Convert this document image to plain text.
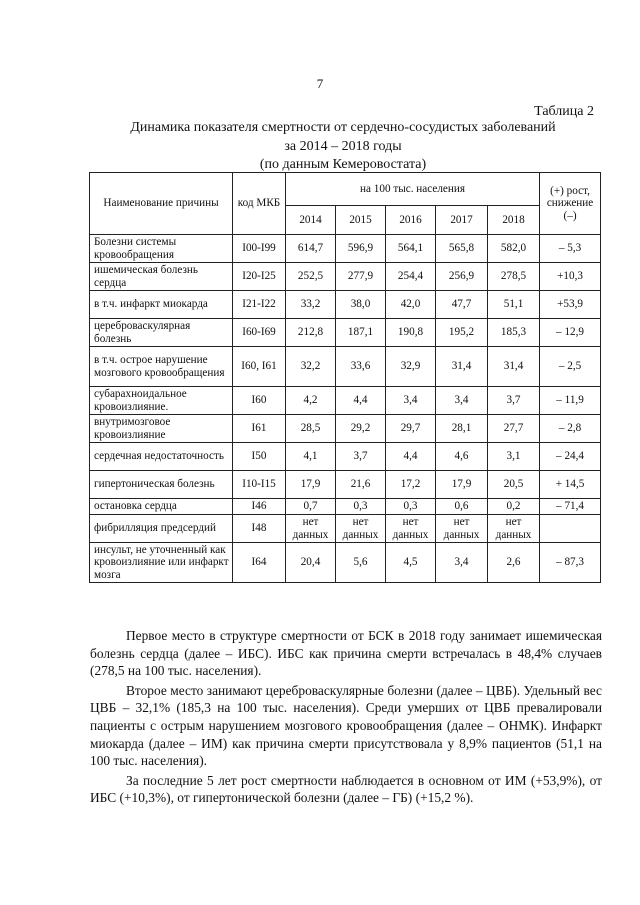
7
Таблица 2
Динамика показателя смертности от сердечно-сосудистых заболеваний
за 2014 – 2018 годы
(по данным Кемеровостата)
Наименование причины	код МКБ	на 100 тыс. населения					(+) рост, снижение (–)
		2014	2015	2016	2017	2018	
Болезни системы кровообращения	I00-I99	614,7	596,9	564,1	565,8	582,0	– 5,3
ишемическая болезнь сердца	I20-I25	252,5	277,9	254,4	256,9	278,5	+10,3
в т.ч. инфаркт миокарда	I21-I22	33,2	38,0	42,0	47,7	51,1	+53,9
цереброваскулярная болезнь	I60-I69	212,8	187,1	190,8	195,2	185,3	– 12,9
в т.ч. острое нарушение мозгового кровообращения	I60, I61	32,2	33,6	32,9	31,4	31,4	– 2,5
субарахноидальное кровоизлияние.	I60	4,2	4,4	3,4	3,4	3,7	– 11,9
внутримозговое кровоизлияние	I61	28,5	29,2	29,7	28,1	27,7	– 2,8
сердечная недостаточность	I50	4,1	3,7	4,4	4,6	3,1	– 24,4
гипертоническая болезнь	I10-I15	17,9	21,6	17,2	17,9	20,5	+ 14,5
остановка сердца	I46	0,7	0,3	0,3	0,6	0,2	– 71,4
фибрилляция предсердий	I48	нет данных	нет данных	нет данных	нет данных	нет данных	
инсульт, не уточненный как кровоизлияние или инфаркт мозга	I64	20,4	5,6	4,5	3,4	2,6	– 87,3

Первое место в структуре смертности от БСК в 2018 году занимает ишемическая болезнь сердца (далее – ИБС). ИБС как причина смерти встречалась в 48,4% случаев (278,5 на 100 тыс. населения).

Второе место занимают цереброваскулярные болезни (далее – ЦВБ). Удельный вес ЦВБ – 32,1% (185,3 на 100 тыс. населения). Среди умерших от ЦВБ превалировали пациенты с острым нарушением мозгового кровообращения (далее – ОНМК). Инфаркт миокарда (далее – ИМ) как причина смерти присутствовала у 8,9% пациентов (51,1 на 100 тыс. населения).

За последние 5 лет рост смертности наблюдается в основном от ИМ (+53,9%), от ИБС (+10,3%), от гипертонической болезни (далее – ГБ) (+15,2 %).
